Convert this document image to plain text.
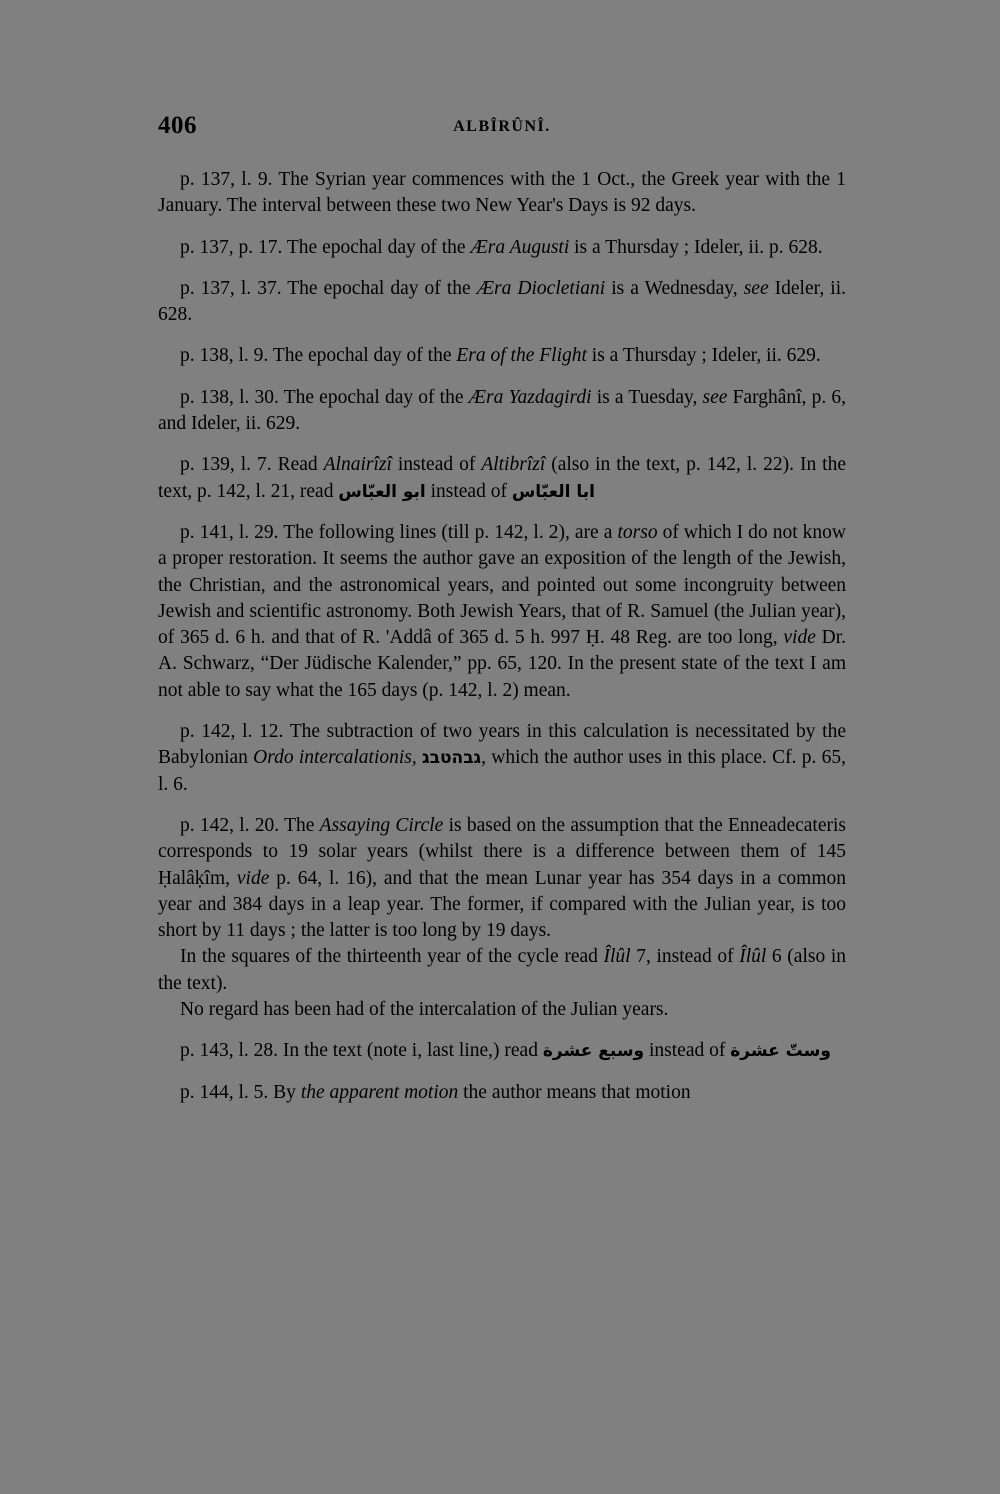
406	ALBÎRÛNÎ.

p. 137, l. 9. The Syrian year commences with the 1 Oct., the Greek year with the 1 January. The interval between these two New Year's Days is 92 days.

p. 137, p. 17. The epochal day of the Æra Augusti is a Thursday ; Ideler, ii. p. 628.

p. 137, l. 37. The epochal day of the Æra Diocletiani is a Wednesday, see Ideler, ii. 628.

p. 138, l. 9. The epochal day of the Era of the Flight is a Thursday ; Ideler, ii. 629.

p. 138, l. 30. The epochal day of the Æra Yazdagirdi is a Tuesday, see Farghânî, p. 6, and Ideler, ii. 629.

p. 139, l. 7. Read Alnairîzî instead of Altibrîzî (also in the text, p. 142, l. 22). In the text, p. 142, l. 21, read ابو العبّاس instead of ابا العبّاس

p. 141, l. 29. The following lines (till p. 142, l. 2), are a torso of which I do not know a proper restoration. It seems the author gave an exposition of the length of the Jewish, the Christian, and the astronomical years, and pointed out some incongruity between Jewish and scientific astronomy. Both Jewish Years, that of R. Samuel (the Julian year), of 365 d. 6 h. and that of R. 'Addâ of 365 d. 5 h. 997 Ḥ. 48 Reg. are too long, vide Dr. A. Schwarz, “Der Jüdische Kalender,” pp. 65, 120. In the present state of the text I am not able to say what the 165 days (p. 142, l. 2) mean.

p. 142, l. 12. The subtraction of two years in this calculation is necessitated by the Babylonian Ordo intercalationis, גבהטבג, which the author uses in this place. Cf. p. 65, l. 6.

p. 142, l. 20. The Assaying Circle is based on the assumption that the Enneadecateris corresponds to 19 solar years (whilst there is a difference between them of 145 Ḥalâḳîm, vide p. 64, l. 16), and that the mean Lunar year has 354 days in a common year and 384 days in a leap year. The former, if compared with the Julian year, is too short by 11 days ; the latter is too long by 19 days.

In the squares of the thirteenth year of the cycle read Îlûl 7, instead of Îlûl 6 (also in the text).

No regard has been had of the intercalation of the Julian years.

p. 143, l. 28. In the text (note i, last line,) read وسبع عشرة instead of وستّ عشرة

p. 144, l. 5. By the apparent motion the author means that motion
